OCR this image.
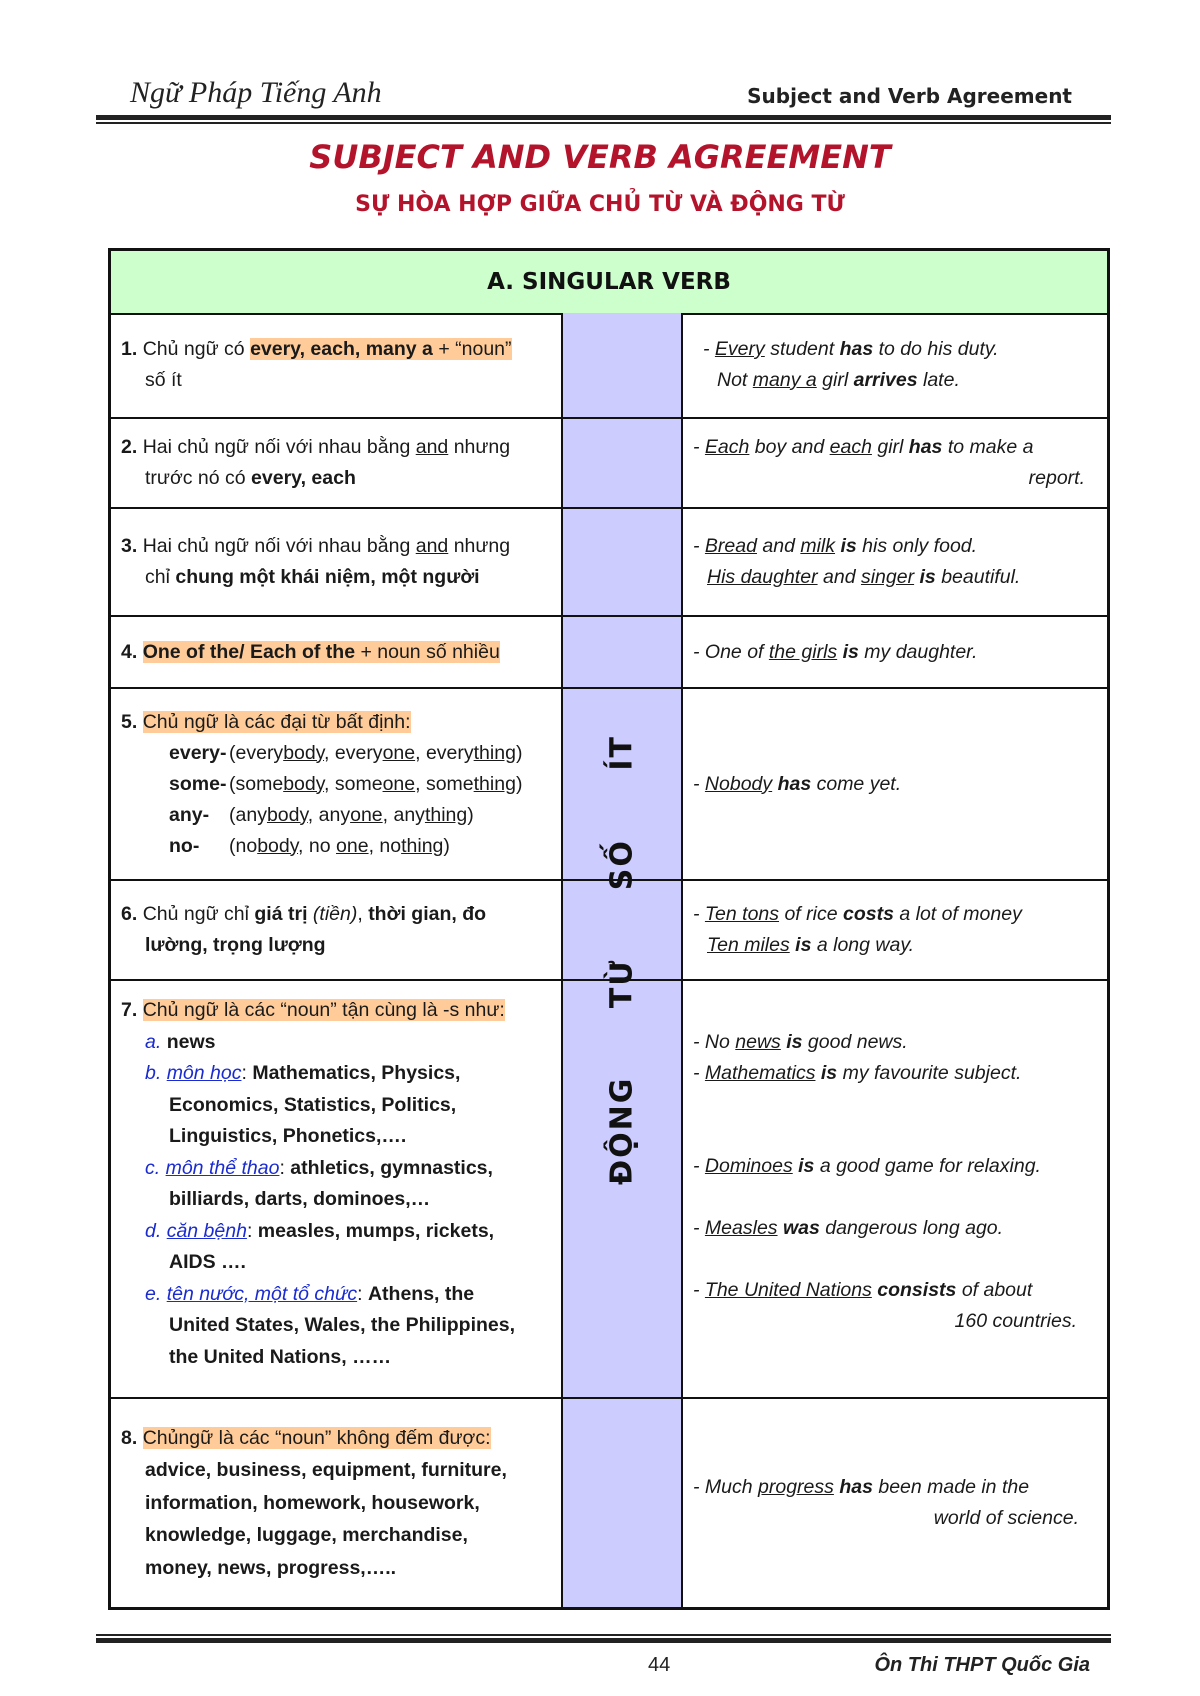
Ngữ Pháp Tiếng Anh	Subject and Verb Agreement
SUBJECT AND VERB AGREEMENT
SỰ HÒA HỢP GIỮA CHỦ TỪ VÀ ĐỘNG TỪ
A. SINGULAR VERB
ĐỘNG TỪ SỐ ÍT
1. Chủ ngữ có every, each, many a + “noun”
số ít
- Every student has to do his duty.
Not many a girl arrives late.
2. Hai chủ ngữ nối với nhau bằng and nhưng
trước nó có every, each
- Each boy and each girl has to make a
report.
3. Hai chủ ngữ nối với nhau bằng and nhưng
chỉ chung một khái niệm, một người
- Bread and milk is his only food.
His daughter and singer is beautiful.
4. One of the/ Each of the + noun số nhiều	- One of the girls is my daughter.
5. Chủ ngữ là các đại từ bất định:
every- (everybody, everyone, everything)
some- (somebody, someone, something)
any-	(anybody, anyone, anything)
no-	(nobody, no one, nothing)
- Nobody has come yet.
6. Chủ ngữ chỉ giá trị (tiền), thời gian, đo
lường, trọng lượng
- Ten tons of rice costs a lot of money
Ten miles is a long way.
7. Chủ ngữ là các “noun” tận cùng là -s như:
a. news
b. môn học: Mathematics, Physics,
Economics, Statistics, Politics,
Linguistics, Phonetics,….
c. môn thể thao: athletics, gymnastics,
billiards, darts, dominoes,…
d. căn bệnh: measles, mumps, rickets,
AIDS ….
e. tên nước, một tổ chức: Athens, the
United States, Wales, the Philippines,
the United Nations, ……
- No news is good news.
- Mathematics is my favourite subject.
- Dominoes is a good game for relaxing.
- Measles was dangerous long ago.
- The United Nations consists of about
160 countries.
8. Chủngữ là các “noun” không đếm được:
advice, business, equipment, furniture,
information, homework, housework,
knowledge, luggage, merchandise,
money, news, progress,…..
- Much progress has been made in the
world of science.
44	Ôn Thi THPT Quốc Gia
